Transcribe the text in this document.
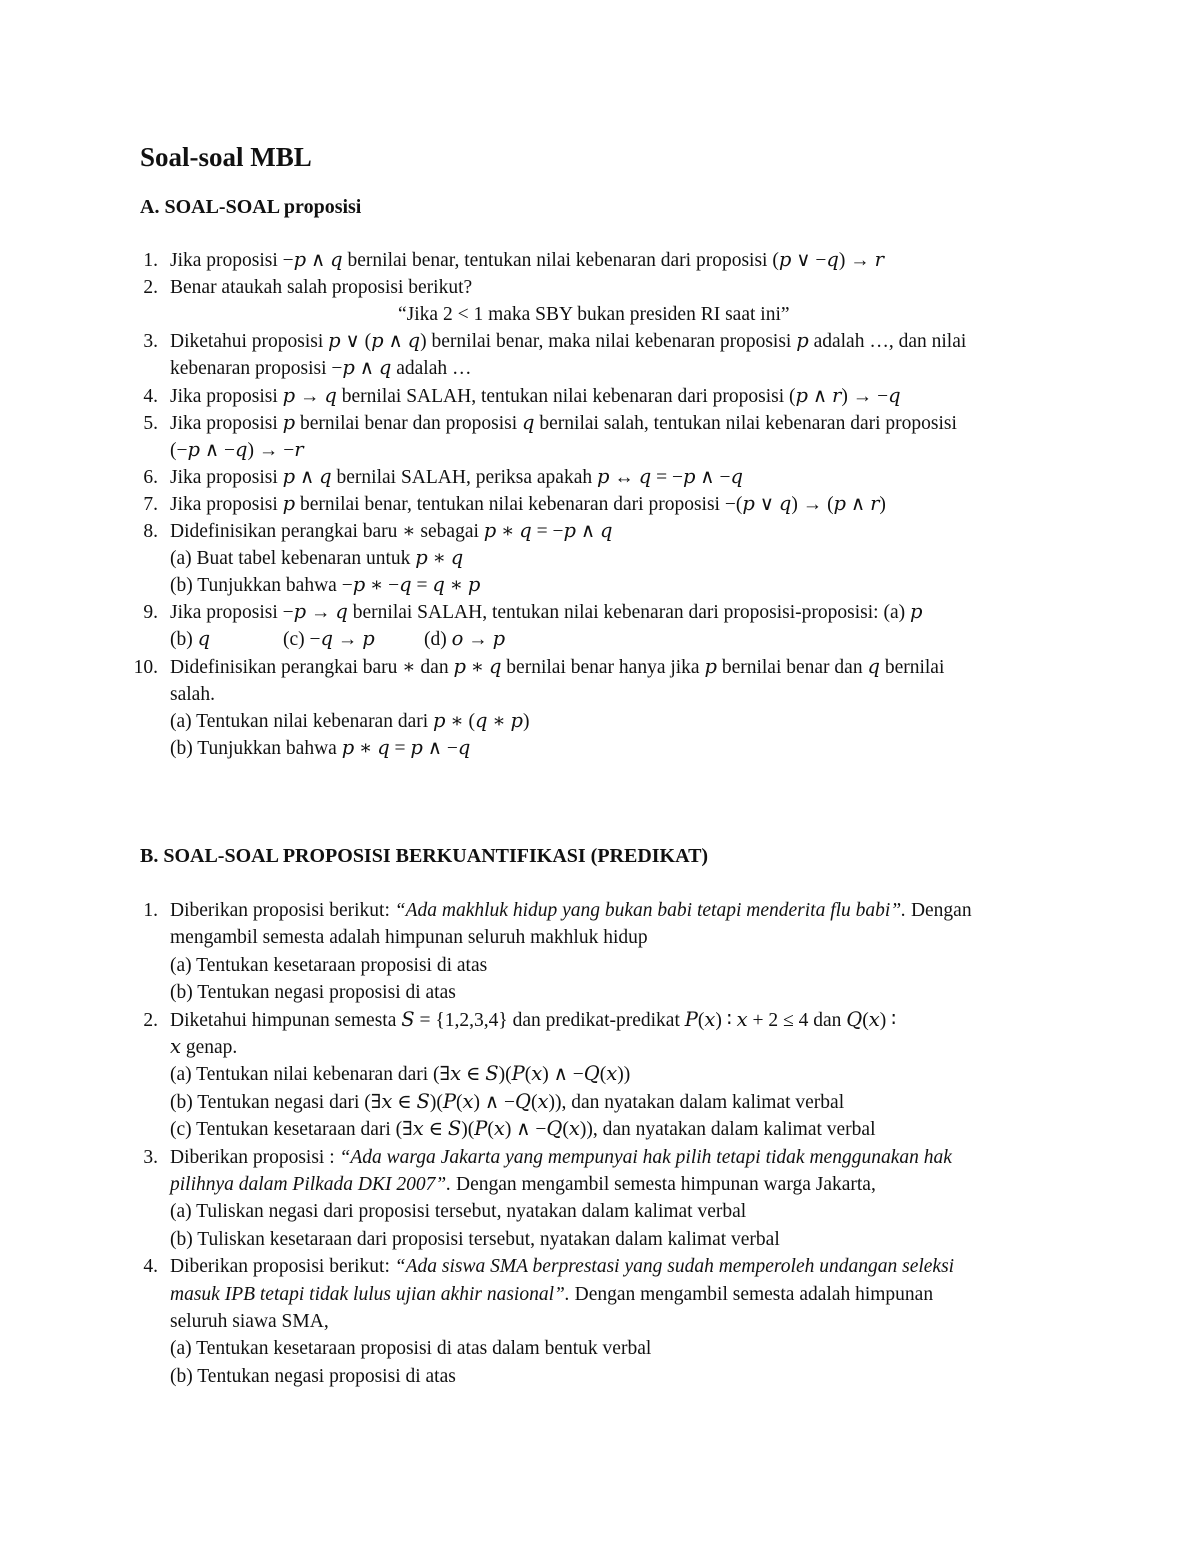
Soal-soal MBL
A. SOAL-SOAL proposisi
1. Jika proposisi −𝑝 ∧ 𝑞 bernilai benar, tentukan nilai kebenaran dari proposisi (𝑝 ∨ −𝑞) → 𝑟
2. Benar ataukah salah proposisi berikut?
“Jika 2 < 1 maka SBY bukan presiden RI saat ini”
3. Diketahui proposisi 𝑝 ∨ (𝑝 ∧ 𝑞) bernilai benar, maka nilai kebenaran proposisi 𝑝 adalah …, dan nilai
kebenaran proposisi −𝑝 ∧ 𝑞 adalah …
4. Jika proposisi 𝑝 → 𝑞 bernilai SALAH, tentukan nilai kebenaran dari proposisi (𝑝 ∧ 𝑟) → −𝑞
5. Jika proposisi 𝑝 bernilai benar dan proposisi 𝑞 bernilai salah, tentukan nilai kebenaran dari proposisi
(−𝑝 ∧ −𝑞) → −𝑟
6. Jika proposisi 𝑝 ∧ 𝑞 bernilai SALAH, periksa apakah 𝑝 ↔ 𝑞 = −𝑝 ∧ −𝑞
7. Jika proposisi 𝑝 bernilai benar, tentukan nilai kebenaran dari proposisi −(𝑝 ∨ 𝑞) → (𝑝 ∧ 𝑟)
8. Didefinisikan perangkai baru ∗ sebagai 𝑝 ∗ 𝑞 = −𝑝 ∧ 𝑞
(a) Buat tabel kebenaran untuk 𝑝 ∗ 𝑞
(b) Tunjukkan bahwa −𝑝 ∗ −𝑞 = 𝑞 ∗ 𝑝
9. Jika proposisi −𝑝 → 𝑞 bernilai SALAH, tentukan nilai kebenaran dari proposisi-proposisi: (a) 𝑝
(b) 𝑞	(c) −𝑞 → 𝑝	(d) 𝑜 → 𝑝
10. Didefinisikan perangkai baru ∗ dan 𝑝 ∗ 𝑞 bernilai benar hanya jika 𝑝 bernilai benar dan 𝑞 bernilai
salah.
(a) Tentukan nilai kebenaran dari 𝑝 ∗ (𝑞 ∗ 𝑝)
(b) Tunjukkan bahwa 𝑝 ∗ 𝑞 = 𝑝 ∧ −𝑞
B. SOAL-SOAL PROPOSISI BERKUANTIFIKASI (PREDIKAT)
1. Diberikan proposisi berikut: “Ada makhluk hidup yang bukan babi tetapi menderita flu babi”. Dengan
mengambil semesta adalah himpunan seluruh makhluk hidup
(a) Tentukan kesetaraan proposisi di atas
(b) Tentukan negasi proposisi di atas
2. Diketahui himpunan semesta 𝑆 = {1,2,3,4} dan predikat-predikat 𝑃(𝑥) ∶ 𝑥 + 2 ≤ 4 dan 𝑄(𝑥) ∶
𝑥 genap.
(a) Tentukan nilai kebenaran dari (∃𝑥 ∈ 𝑆)(𝑃(𝑥) ∧ −𝑄(𝑥))
(b) Tentukan negasi dari (∃𝑥 ∈ 𝑆)(𝑃(𝑥) ∧ −𝑄(𝑥)), dan nyatakan dalam kalimat verbal
(c) Tentukan kesetaraan dari (∃𝑥 ∈ 𝑆)(𝑃(𝑥) ∧ −𝑄(𝑥)), dan nyatakan dalam kalimat verbal
3. Diberikan proposisi : “Ada warga Jakarta yang mempunyai hak pilih tetapi tidak menggunakan hak
pilihnya dalam Pilkada DKI 2007”. Dengan mengambil semesta himpunan warga Jakarta,
(a) Tuliskan negasi dari proposisi tersebut, nyatakan dalam kalimat verbal
(b) Tuliskan kesetaraan dari proposisi tersebut, nyatakan dalam kalimat verbal
4. Diberikan proposisi berikut: “Ada siswa SMA berprestasi yang sudah memperoleh undangan seleksi
masuk IPB tetapi tidak lulus ujian akhir nasional”. Dengan mengambil semesta adalah himpunan
seluruh siawa SMA,
(a) Tentukan kesetaraan proposisi di atas dalam bentuk verbal
(b) Tentukan negasi proposisi di atas
